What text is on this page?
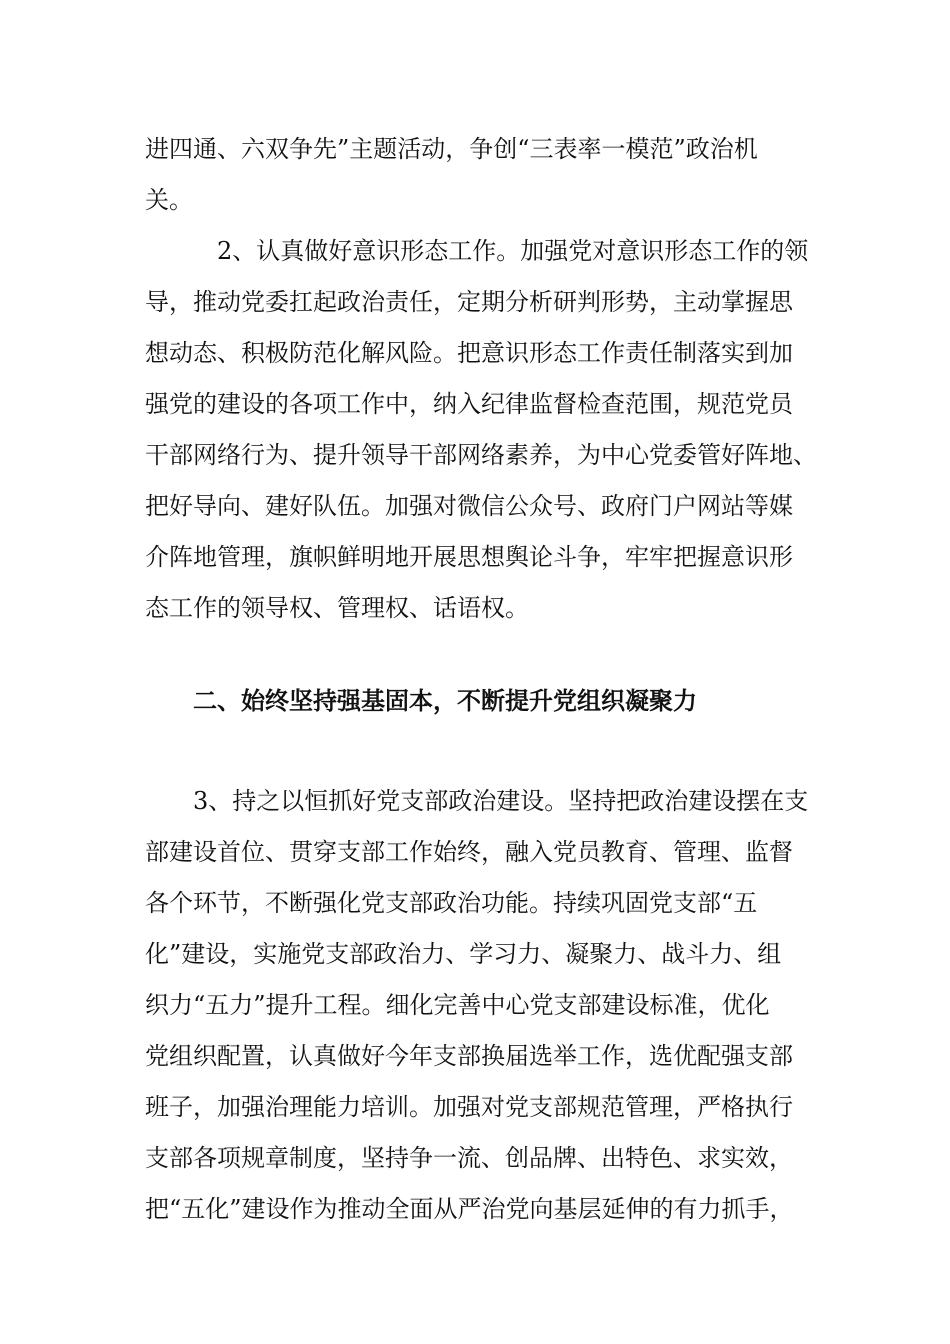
进四通、六双争先”主题活动，争创“三表率一模范”政治机
关。
2、认真做好意识形态工作。加强党对意识形态工作的领
导，推动党委扛起政治责任，定期分析研判形势，主动掌握思
想动态、积极防范化解风险。把意识形态工作责任制落实到加
强党的建设的各项工作中，纳入纪律监督检查范围，规范党员
干部网络行为、提升领导干部网络素养，为中心党委管好阵地、
把好导向、建好队伍。加强对微信公众号、政府门户网站等媒
介阵地管理，旗帜鲜明地开展思想舆论斗争，牢牢把握意识形
态工作的领导权、管理权、话语权。
二、始终坚持强基固本，不断提升党组织凝聚力
3、持之以恒抓好党支部政治建设。坚持把政治建设摆在支
部建设首位、贯穿支部工作始终，融入党员教育、管理、监督
各个环节，不断强化党支部政治功能。持续巩固党支部“五
化”建设，实施党支部政治力、学习力、凝聚力、战斗力、组
织力“五力”提升工程。细化完善中心党支部建设标准，优化
党组织配置，认真做好今年支部换届选举工作，选优配强支部
班子，加强治理能力培训。加强对党支部规范管理，严格执行
支部各项规章制度，坚持争一流、创品牌、出特色、求实效，
把“五化”建设作为推动全面从严治党向基层延伸的有力抓手，
